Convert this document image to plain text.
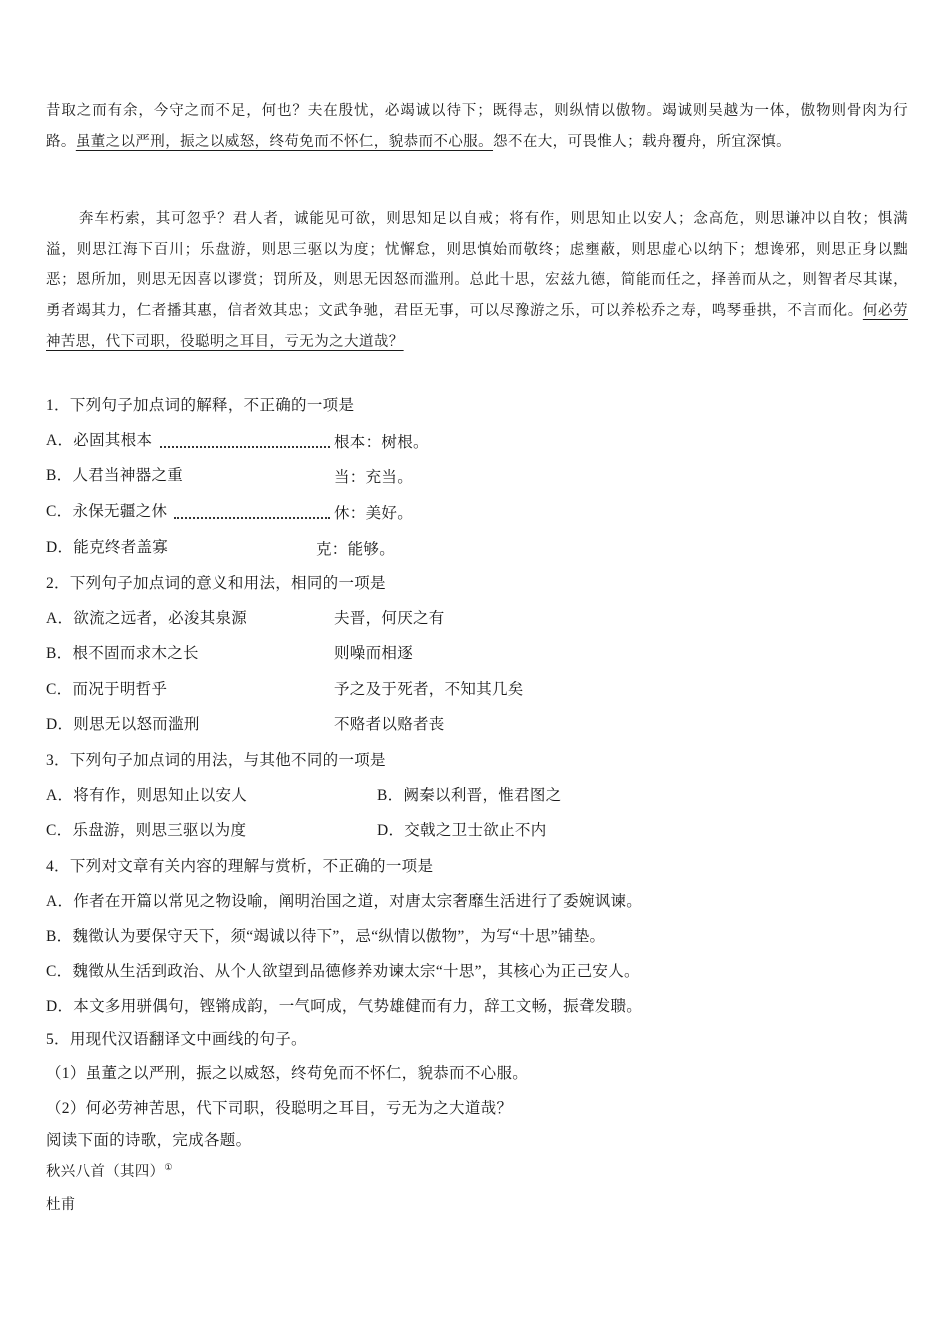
昔取之而有余，今守之而不足，何也？夫在殷忧，必竭诚以待下；既得志，则纵情以傲物。竭诚则吴越为一体，傲物则骨肉为行路。虽董之以严刑，振之以威怒，终苟免而不怀仁，貌恭而不心服。怨不在大，可畏惟人；载舟覆舟，所宜深慎。
奔车朽索，其可忽乎？君人者，诚能见可欲，则思知足以自戒；将有作，则思知止以安人；念高危，则思谦冲以自牧；惧满溢，则思江海下百川；乐盘游，则思三驱以为度；忧懈怠，则思慎始而敬终；虑壅蔽，则思虚心以纳下；想谗邪，则思正身以黜恶；恩所加，则思无因喜以谬赏；罚所及，则思无因怒而滥刑。总此十思，宏兹九德，简能而任之，择善而从之，则智者尽其谋，勇者竭其力，仁者播其惠，信者效其忠；文武争驰，君臣无事，可以尽豫游之乐，可以养松乔之寿，鸣琴垂拱，不言而化。何必劳神苦思，代下司职，役聪明之耳目，亏无为之大道哉？
1．下列句子加点词的解释，不正确的一项是
A．必固其根本	根本：树根。
B．人君当神器之重	当：充当。
C．永保无疆之休	休：美好。
D．能克终者盖寡	克：能够。
2．下列句子加点词的意义和用法，相同的一项是
A．欲流之远者，必浚其泉源	夫晋，何厌之有
B．根不固而求木之长	则噪而相逐
C．而况于明哲乎	予之及于死者，不知其几矣
D．则思无以怒而滥刑	不赂者以赂者丧
3．下列句子加点词的用法，与其他不同的一项是
A．将有作，则思知止以安人	B．阙秦以利晋，惟君图之
C．乐盘游，则思三驱以为度	D．交戟之卫士欲止不内
4．下列对文章有关内容的理解与赏析，不正确的一项是
A．作者在开篇以常见之物设喻，阐明治国之道，对唐太宗奢靡生活进行了委婉讽谏。
B．魏徵认为要保守天下，须“竭诚以待下”，忌“纵情以傲物”，为写“十思”铺垫。
C．魏徵从生活到政治、从个人欲望到品德修养劝谏太宗“十思”，其核心为正己安人。
D．本文多用骈偶句，铿锵成韵，一气呵成，气势雄健而有力，辞工文畅，振聋发聩。
5．用现代汉语翻译文中画线的句子。
（1）虽董之以严刑，振之以威怒，终苟免而不怀仁，貌恭而不心服。
（2）何必劳神苦思，代下司职，役聪明之耳目，亏无为之大道哉？
阅读下面的诗歌，完成各题。
秋兴八首（其四）①
杜甫
